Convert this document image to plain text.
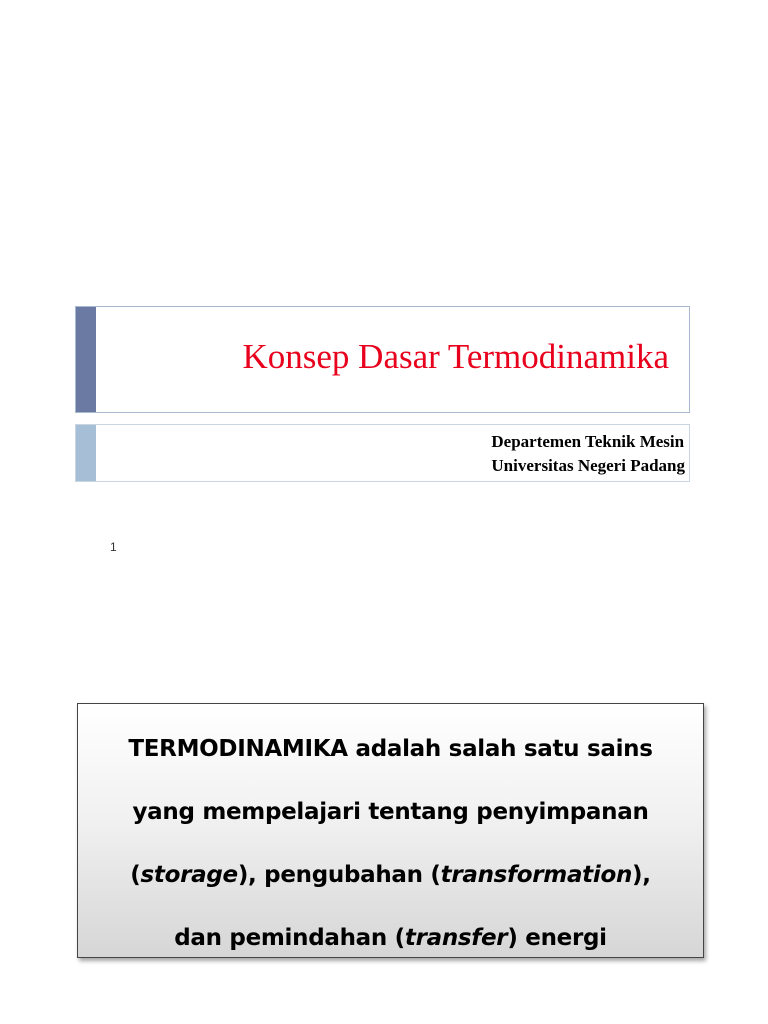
Konsep Dasar Termodinamika
Departemen Teknik Mesin
Universitas Negeri Padang
1
TERMODINAMIKA adalah salah satu sains
yang mempelajari tentang penyimpanan
(storage), pengubahan (transformation),
dan pemindahan (transfer) energi
